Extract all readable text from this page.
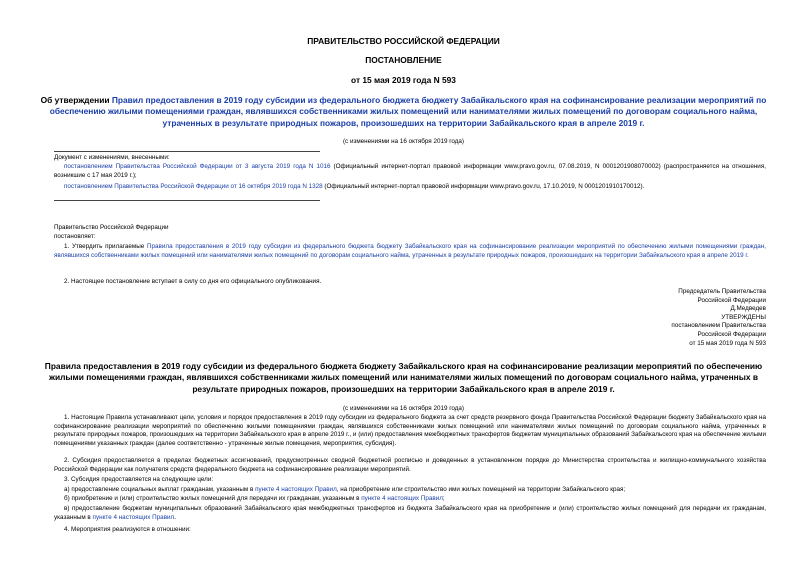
ПРАВИТЕЛЬСТВО РОССИЙСКОЙ ФЕДЕРАЦИИ
ПОСТАНОВЛЕНИЕ
от 15 мая 2019 года N 593
Об утверждении Правил предоставления в 2019 году субсидии из федерального бюджета бюджету Забайкальского края на софинансирование реализации мероприятий по обеспечению жилыми помещениями граждан, являвшихся собственниками жилых помещений или нанимателями жилых помещений по договорам социального найма, утраченных в результате природных пожаров, произошедших на территории Забайкальского края в апреле 2019 г.
(с изменениями на 16 октября 2019 года)
Документ с изменениями, внесенными:
постановлением Правительства Российской Федерации от 3 августа 2019 года N 1016 (Официальный интернет-портал правовой информации www.pravo.gov.ru, 07.08.2019, N 0001201908070002) (распространяется на отношения, возникшие с 17 мая 2019 г.);
постановлением Правительства Российской Федерации от 16 октября 2019 года N 1328 (Официальный интернет-портал правовой информации www.pravo.gov.ru, 17.10.2019, N 0001201910170012).
Правительство Российской Федерации
постановляет:
1. Утвердить прилагаемые Правила предоставления в 2019 году субсидии из федерального бюджета бюджету Забайкальского края на софинансирование реализации мероприятий по обеспечению жилыми помещениями граждан, являвшихся собственниками жилых помещений или нанимателями жилых помещений по договорам социального найма, утраченных в результате природных пожаров, произошедших на территории Забайкальского края в апреле 2019 г.
2. Настоящее постановление вступает в силу со дня его официального опубликования.
Председатель Правительства
Российской Федерации
Д.Медведев
УТВЕРЖДЕНЫ
постановлением Правительства
Российской Федерации
от 15 мая 2019 года N 593
Правила предоставления в 2019 году субсидии из федерального бюджета бюджету Забайкальского края на софинансирование реализации мероприятий по обеспечению жилыми помещениями граждан, являвшихся собственниками жилых помещений или нанимателями жилых помещений по договорам социального найма, утраченных в результате природных пожаров, произошедших на территории Забайкальского края в апреле 2019 г.
(с изменениями на 16 октября 2019 года)
1. Настоящие Правила устанавливают цели, условия и порядок предоставления в 2019 году субсидии из федерального бюджета за счет средств резервного фонда Правительства Российской Федерации бюджету Забайкальского края на софинансирование реализации мероприятий по обеспечению жилыми помещениями граждан, являвшихся собственниками жилых помещений или нанимателями жилых помещений по договорам социального найма, утраченных в результате природных пожаров, произошедших на территории Забайкальского края в апреле 2019 г., и (или) предоставления межбюджетных трансфертов бюджетам муниципальных образований Забайкальского края на обеспечение жилыми помещениями указанных граждан (далее соответственно - утраченные жилые помещения, мероприятия, субсидия).
2. Субсидия предоставляется в пределах бюджетных ассигнований, предусмотренных сводной бюджетной росписью и доведенных в установленном порядке до Министерства строительства и жилищно-коммунального хозяйства Российской Федерации как получателя средств федерального бюджета на софинансирование реализации мероприятий.
3. Субсидия предоставляется на следующие цели:
а) предоставление социальных выплат гражданам, указанным в пункте 4 настоящих Правил, на приобретение или строительство ими жилых помещений на территории Забайкальского края;
б) приобретение и (или) строительство жилых помещений для передачи их гражданам, указанным в пункте 4 настоящих Правил;
в) предоставление бюджетам муниципальных образований Забайкальского края межбюджетных трансфертов из бюджета Забайкальского края на приобретение и (или) строительство жилых помещений для передачи их гражданам, указанным в пункте 4 настоящих Правил.
4. Мероприятия реализуются в отношении:
